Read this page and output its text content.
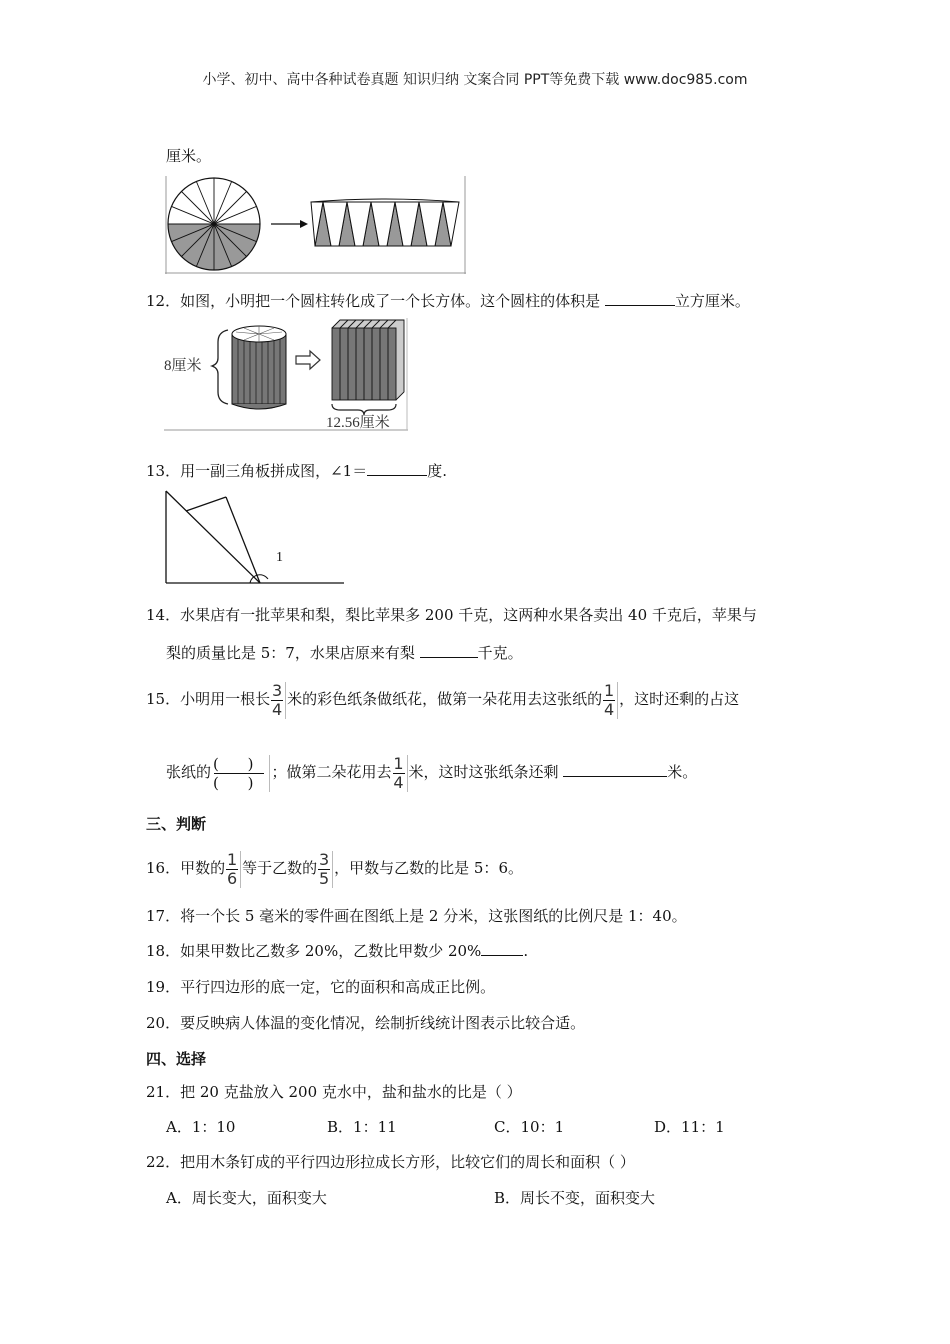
小学、初中、高中各种试卷真题 知识归纳 文案合同 PPT等免费下载 www.doc985.com
厘米。
12．如图，小明把一个圆柱转化成了一个长方体。这个圆柱的体积是	立方厘米。
8厘米
12.56厘米
13．用一副三角板拼成图，∠1＝	度.
1
14．水果店有一批苹果和梨，梨比苹果多 200 千克，这两种水果各卖出 40 千克后，苹果与
梨的质量比是 5：7，水果店原来有梨	千克。
15．小明用一根长 $\frac{3}{4}$ 米的彩色纸条做纸花，做第一朵花用去这张纸的 $\frac{1}{4}$ ，这时还剩的占这
张纸的 ( )
( )
；做第二朵花用去 $\frac{1}{4}$ 米，这时这张纸条还剩	米。
三、判断
16．甲数的 $\frac{1}{6}$ 等于乙数的 $\frac{3}{5}$ ，甲数与乙数的比是 5：6。
17．将一个长 5 毫米的零件画在图纸上是 2 分米，这张图纸的比例尺是 1：40。
18．如果甲数比乙数多 20%，乙数比甲数少 20%	.
19．平行四边形的底一定，它的面积和高成正比例。
20．要反映病人体温的变化情况，绘制折线统计图表示比较合适。
四、选择
21．把 20 克盐放入 200 克水中，盐和盐水的比是（ ）
A．1：10	B．1：11	C．10：1	D．11：1
22．把用木条钉成的平行四边形拉成长方形，比较它们的周长和面积（ ）
A．周长变大，面积变大	B．周长不变，面积变大
